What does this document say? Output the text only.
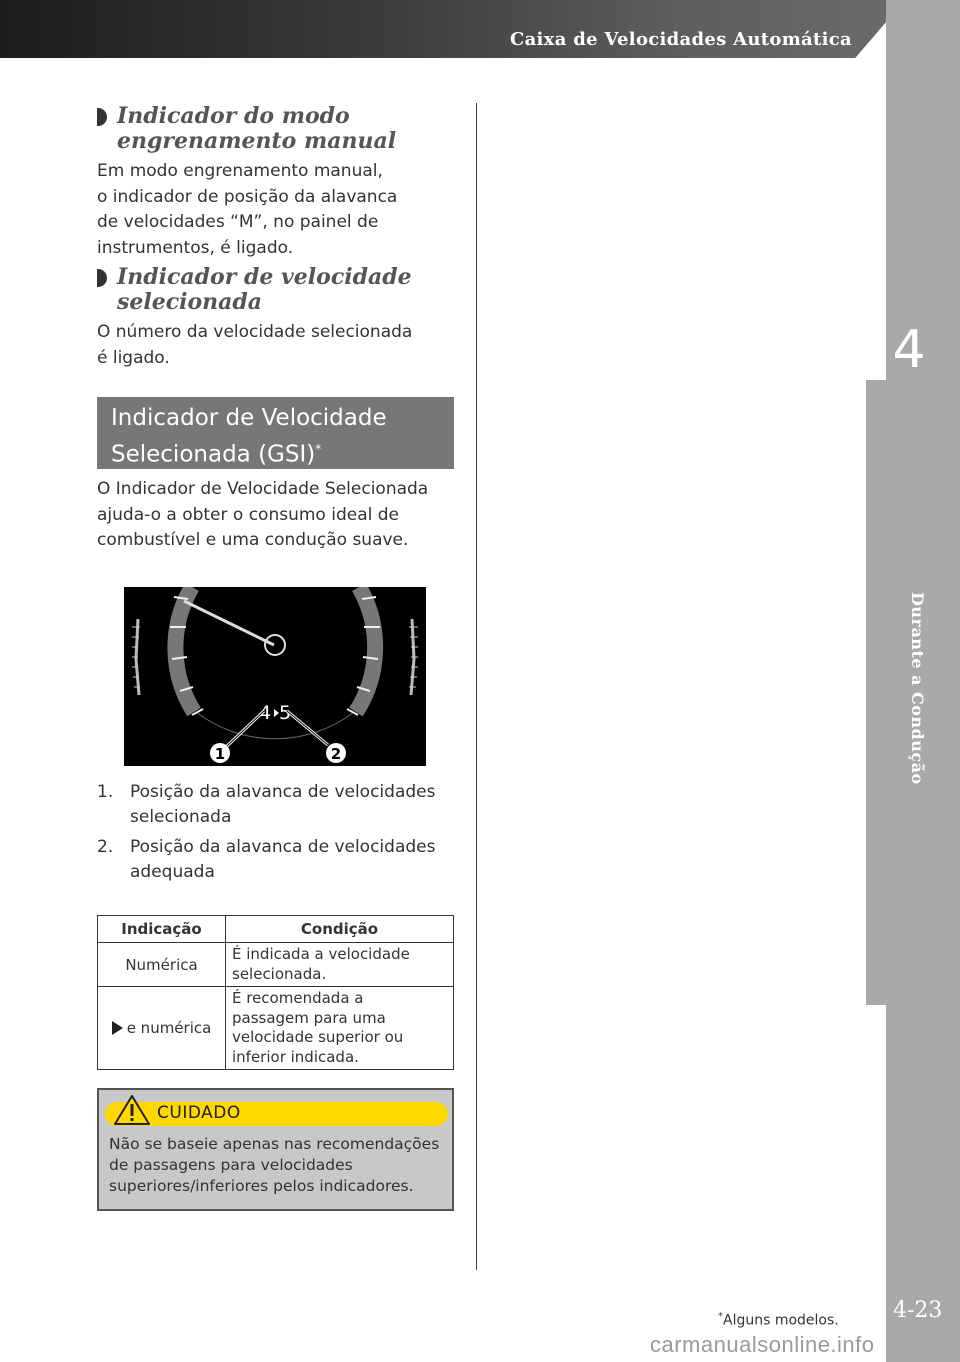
Caixa de Velocidades Automática
4
Durante a Condução
4-23
Indicador do modo
engrenamento manual

Em modo engrenamento manual,

o indicador de posição da alavanca

de velocidades “M”, no painel de

instrumentos, é ligado.

Indicador de velocidade
selecionada

O número da velocidade selecionada

é ligado.

Indicador de Velocidade
Selecionada (GSI)*

O Indicador de Velocidade Selecionada

ajuda-o a obter o consumo ideal de

combustível e uma condução suave.

4 5
1	2
1. Posição da alavanca de velocidades
selecionada
2. Posição da alavanca de velocidades
adequada
Indicação	Condição
Numérica	É indicada a velocidade
selecionada.

e numérica	É recomendada a
passagem para uma
velocidade superior ou
inferior indicada.
CUIDADO
Não se baseie apenas nas recomendações
de passagens para velocidades
superiores/inferiores pelos indicadores.
*Alguns modelos.
carmanualsonline.info
